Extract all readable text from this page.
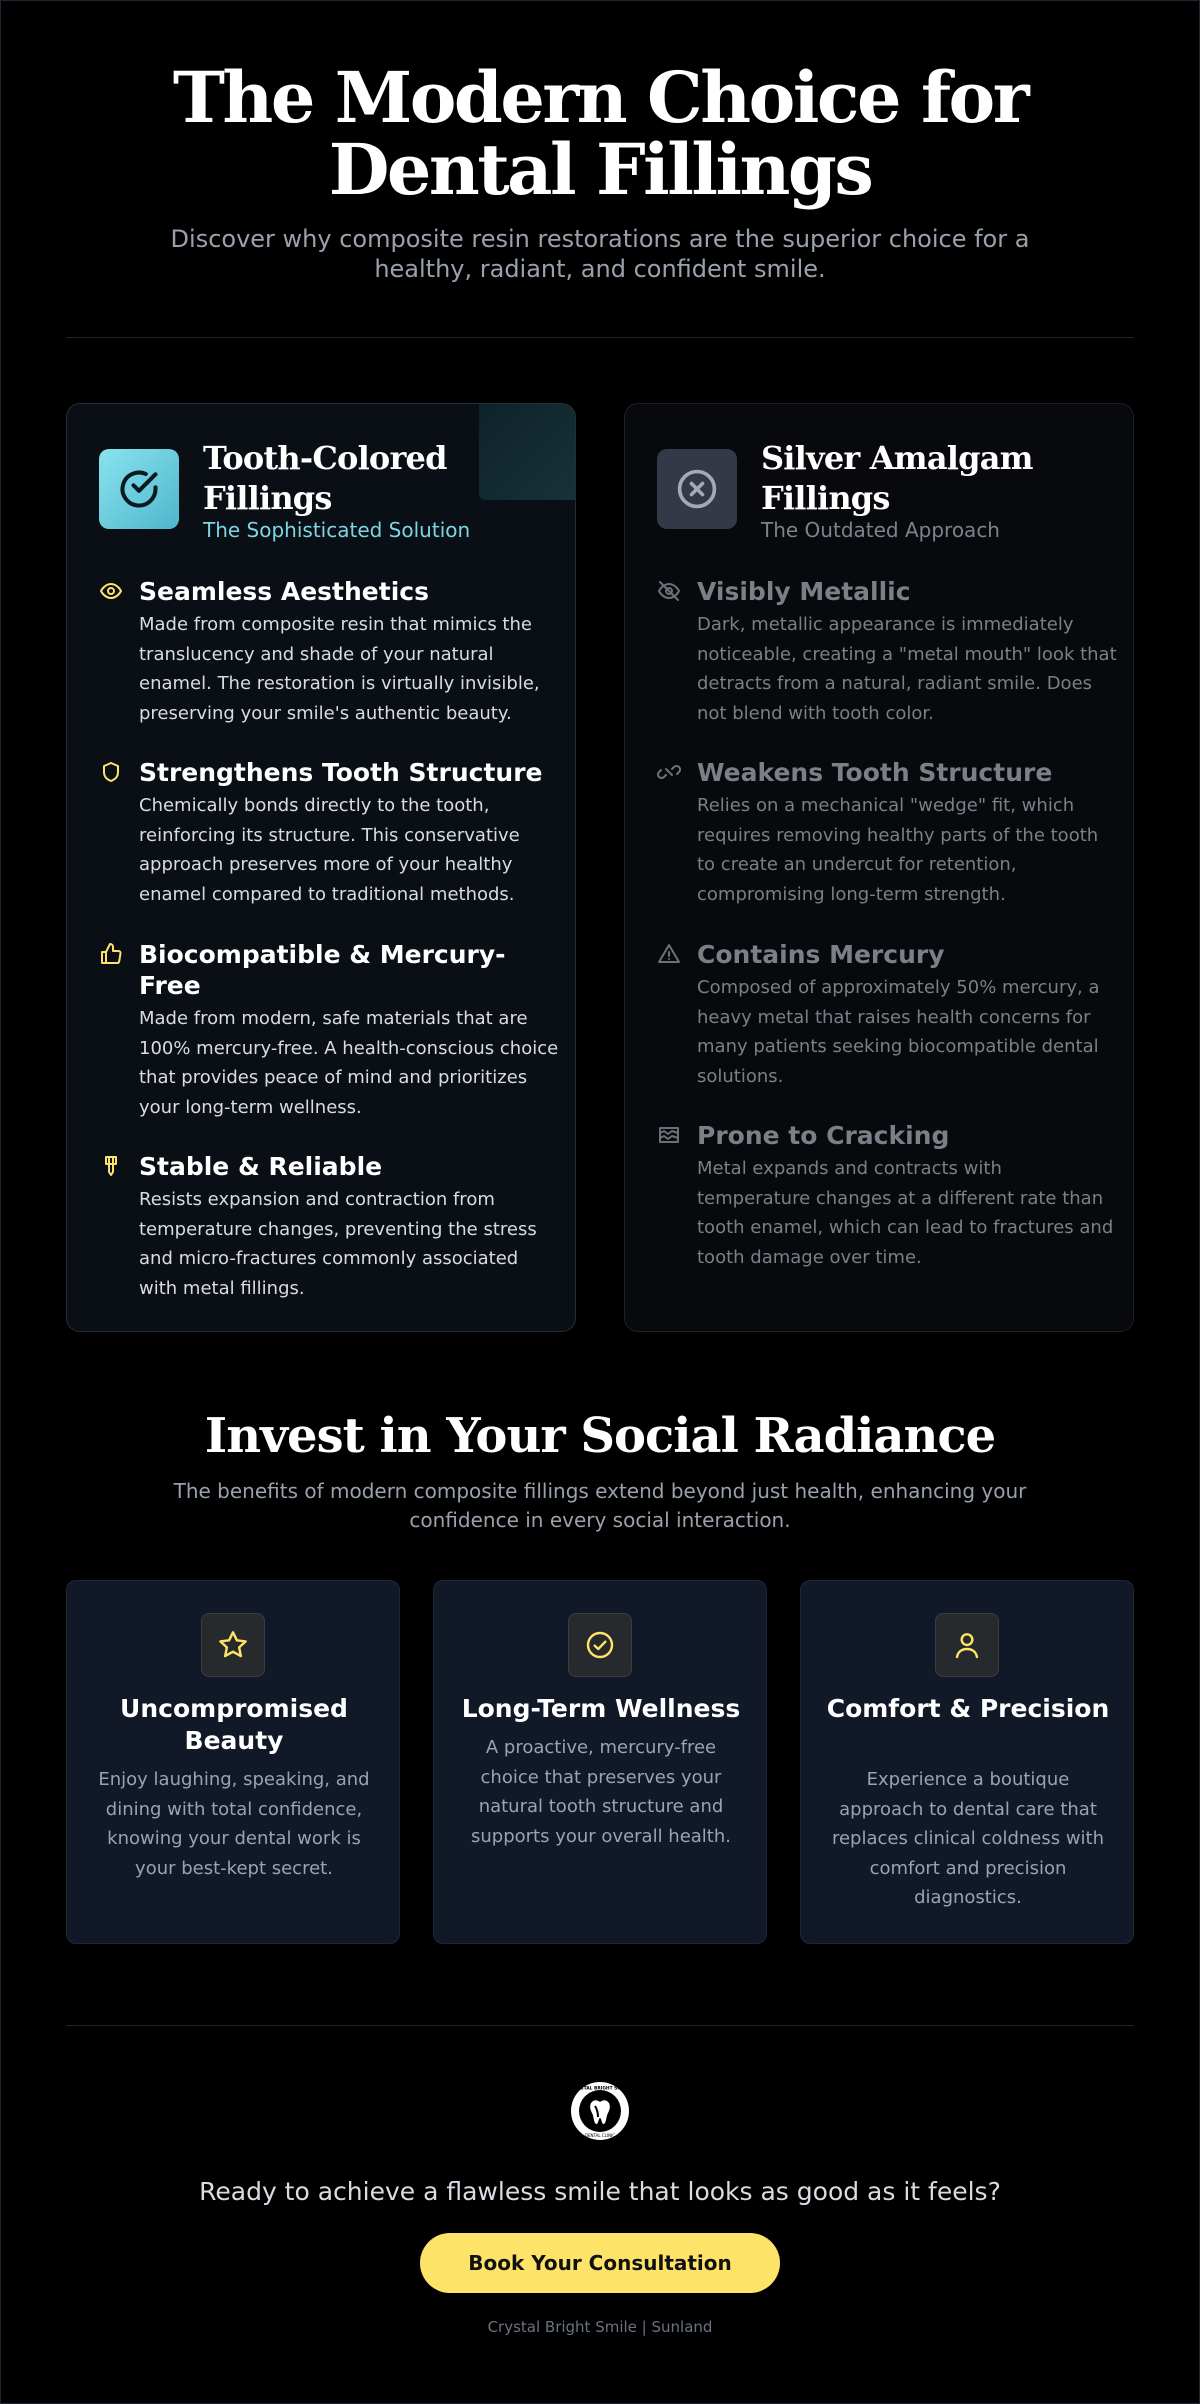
The Modern Choice for Dental Fillings

Discover why composite resin restorations are the superior choice for a healthy, radiant, and confident smile.

Tooth-Colored Fillings
The Sophisticated Solution
Seamless Aesthetics
Made from composite resin that mimics the translucency and shade of your natural enamel. The restoration is virtually invisible, preserving your smile's authentic beauty.
Strengthens Tooth Structure
Chemically bonds directly to the tooth, reinforcing its structure. This conservative approach preserves more of your healthy enamel compared to traditional methods.
Biocompatible & Mercury-Free
Made from modern, safe materials that are 100% mercury-free. A health-conscious choice that provides peace of mind and prioritizes your long-term wellness.
Stable & Reliable
Resists expansion and contraction from temperature changes, preventing the stress and micro-fractures commonly associated with metal fillings.
Silver Amalgam Fillings
The Outdated Approach
Visibly Metallic
Dark, metallic appearance is immediately noticeable, creating a "metal mouth" look that detracts from a natural, radiant smile. Does not blend with tooth color.
Weakens Tooth Structure
Relies on a mechanical "wedge" fit, which requires removing healthy parts of the tooth to create an undercut for retention, compromising long-term strength.
Contains Mercury
Composed of approximately 50% mercury, a heavy metal that raises health concerns for many patients seeking biocompatible dental solutions.
Prone to Cracking
Metal expands and contracts with temperature changes at a different rate than tooth enamel, which can lead to fractures and tooth damage over time.
Invest in Your Social Radiance

The benefits of modern composite fillings extend beyond just health, enhancing your confidence in every social interaction.

Uncompromised Beauty

Enjoy laughing, speaking, and dining with total confidence, knowing your dental work is your best-kept secret.

Long-Term Wellness

A proactive, mercury-free choice that preserves your natural tooth structure and supports your overall health.

Comfort & Precision

Experience a boutique approach to dental care that replaces clinical coldness with comfort and precision diagnostics.

CRYSTAL BRIGHT SMILE
DENTAL CLINIC

Ready to achieve a flawless smile that looks as good as it feels?

Book Your Consultation
Crystal Bright Smile | Sunland
